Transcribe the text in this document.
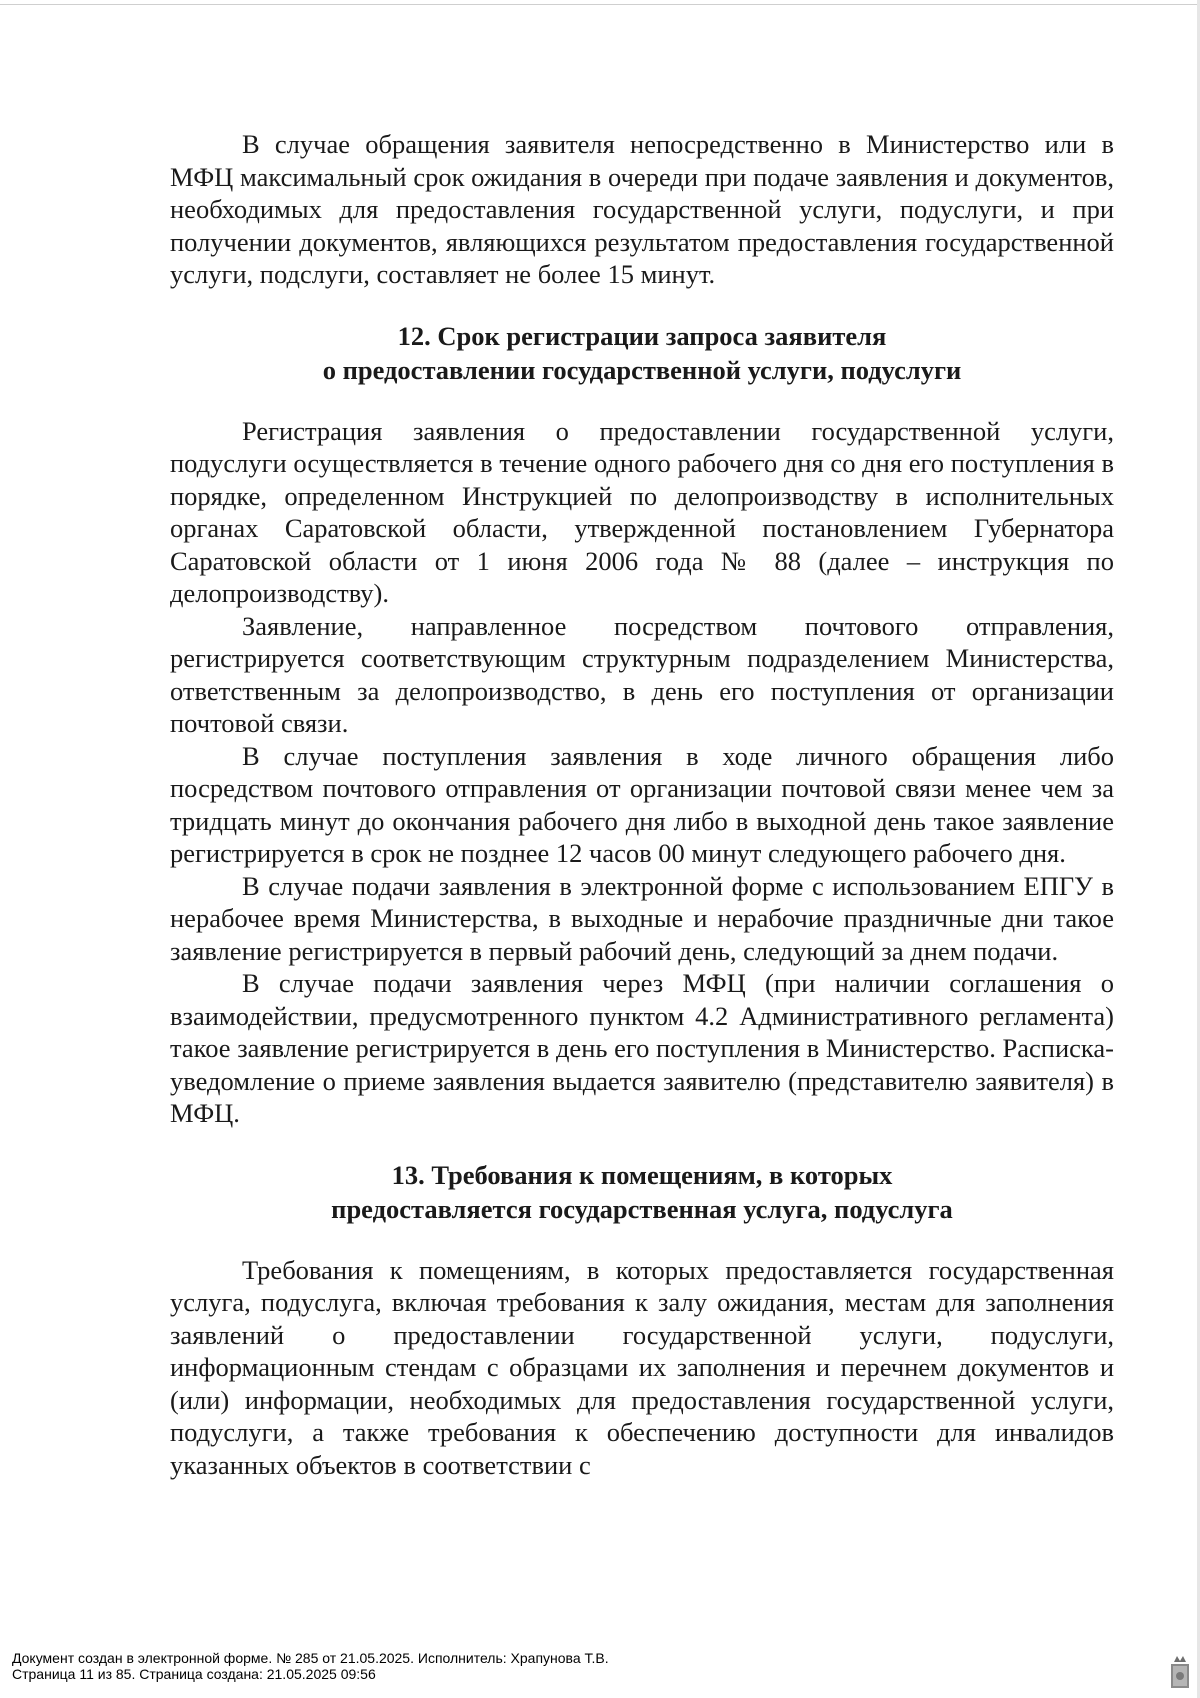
В случае обращения заявителя непосредственно в Министерство или в МФЦ максимальный срок ожидания в очереди при подаче заявления и документов, необходимых для предоставления государственной услуги, подуслуги, и при получении документов, являющихся результатом предоставления государственной услуги, подслуги, составляет не более 15 минут.

12. Срок регистрации запроса заявителя

о предоставлении государственной услуги, подуслуги

Регистрация заявления о предоставлении государственной услуги, подуслуги осуществляется в течение одного рабочего дня со дня его поступления в порядке, определенном Инструкцией по делопроизводству в исполнительных органах Саратовской области, утвержденной постановлением Губернатора Саратовской области от 1 июня 2006 года № 88 (далее – инструкция по делопроизводству).

Заявление, направленное посредством почтового отправления, регистрируется соответствующим структурным подразделением Министерства, ответственным за делопроизводство, в день его поступления от организации почтовой связи.

В случае поступления заявления в ходе личного обращения либо посредством почтового отправления от организации почтовой связи менее чем за тридцать минут до окончания рабочего дня либо в выходной день такое заявление регистрируется в срок не позднее 12 часов 00 минут следующего рабочего дня.

В случае подачи заявления в электронной форме с использованием ЕПГУ в нерабочее время Министерства, в выходные и нерабочие праздничные дни такое заявление регистрируется в первый рабочий день, следующий за днем подачи.

В случае подачи заявления через МФЦ (при наличии соглашения о взаимодействии, предусмотренного пунктом 4.2 Административного регламента) такое заявление регистрируется в день его поступления в Министерство. Расписка-уведомление о приеме заявления выдается заявителю (представителю заявителя) в МФЦ.

13. Требования к помещениям, в которых

предоставляется государственная услуга, подуслуга

Требования к помещениям, в которых предоставляется государственная услуга, подуслуга, включая требования к залу ожидания, местам для заполнения заявлений о предоставлении государственной услуги, подуслуги, информационным стендам с образцами их заполнения и перечнем документов и (или) информации, необходимых для предоставления государственной услуги, подуслуги, а также требования к обеспечению доступности для инвалидов указанных объектов в соответствии с

Документ создан в электронной форме. № 285 от 21.05.2025. Исполнитель: Храпунова Т.В.
Страница 11 из 85. Страница создана: 21.05.2025 09:56
